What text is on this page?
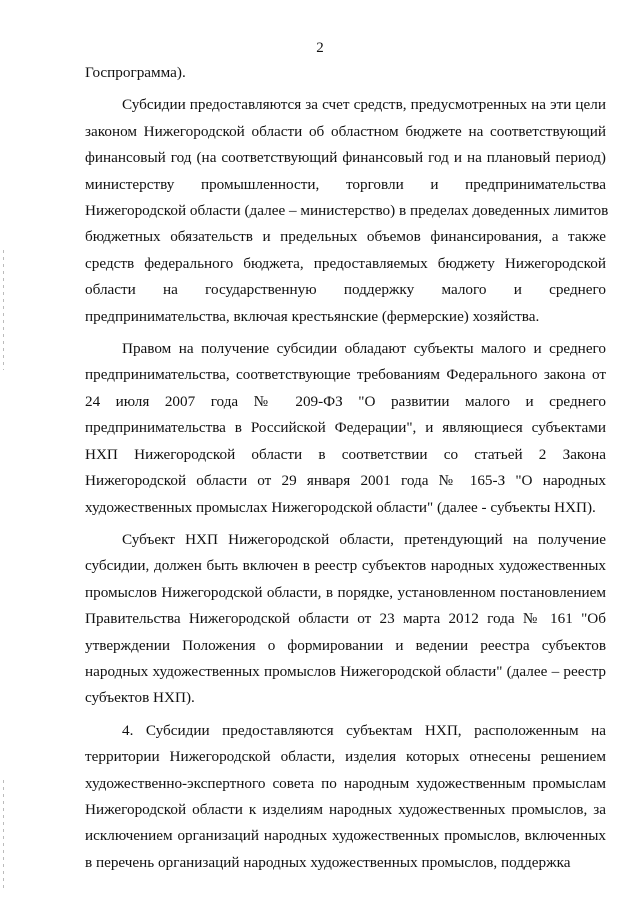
2
Госпрограмма).
Субсидии предоставляются за счет средств, предусмотренных на эти цели
законом Нижегородской области об областном бюджете на соответствующий
финансовый год (на соответствующий финансовый год и на плановый период)
министерству промышленности, торговли и предпринимательства
Нижегородской области (далее – министерство) в пределах доведенных лимитов
бюджетных обязательств и предельных объемов финансирования, а также
средств федерального бюджета, предоставляемых бюджету Нижегородской
области на государственную поддержку малого и среднего
предпринимательства, включая крестьянские (фермерские) хозяйства.
Правом на получение субсидии обладают субъекты малого и среднего
предпринимательства, соответствующие требованиям Федерального закона от
24 июля 2007 года № 209-ФЗ "О развитии малого и среднего
предпринимательства в Российской Федерации", и являющиеся субъектами
НХП Нижегородской области в соответствии со статьей 2 Закона
Нижегородской области от 29 января 2001 года № 165-З "О народных
художественных промыслах Нижегородской области" (далее - субъекты НХП).
Субъект НХП Нижегородской области, претендующий на получение
субсидии, должен быть включен в реестр субъектов народных художественных
промыслов Нижегородской области, в порядке, установленном постановлением
Правительства Нижегородской области от 23 марта 2012 года № 161 "Об
утверждении Положения о формировании и ведении реестра субъектов
народных художественных промыслов Нижегородской области" (далее – реестр
субъектов НХП).
4. Субсидии предоставляются субъектам НХП, расположенным на
территории Нижегородской области, изделия которых отнесены решением
художественно-экспертного совета по народным художественным промыслам
Нижегородской области к изделиям народных художественных промыслов, за
исключением организаций народных художественных промыслов, включенных
в перечень организаций народных художественных промыслов, поддержка
